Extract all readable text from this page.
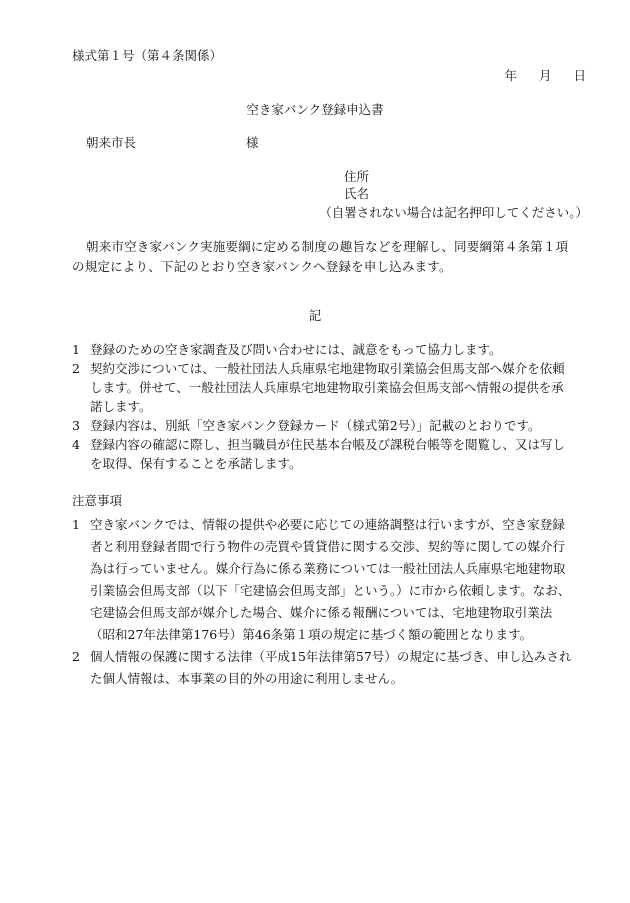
様式第１号（第４条関係）
年 月 日
空き家バンク登録申込書
朝来市長	様
住所
氏名
（自署されない場合は記名押印してください。）
朝来市空き家バンク実施要綱に定める制度の趣旨などを理解し、同要綱第４条第１項の規定により、下記のとおり空き家バンクへ登録を申し込みます。
記
1 登録のための空き家調査及び問い合わせには、誠意をもって協力します。
2 契約交渉については、一般社団法人兵庫県宅地建物取引業協会但馬支部へ媒介を依頼します。併せて、一般社団法人兵庫県宅地建物取引業協会但馬支部へ情報の提供を承諾します。
3 登録内容は、別紙「空き家バンク登録カード（様式第2号）」記載のとおりです。
4 登録内容の確認に際し、担当職員が住民基本台帳及び課税台帳等を閲覧し、又は写しを取得、保有することを承諾します。
注意事項
1 空き家バンクでは、情報の提供や必要に応じての連絡調整は行いますが、空き家登録者と利用登録者間で行う物件の売買や賃貸借に関する交渉、契約等に関しての媒介行為は行っていません。媒介行為に係る業務については一般社団法人兵庫県宅地建物取引業協会但馬支部（以下「宅建協会但馬支部」という。）に市から依頼します。なお、宅建協会但馬支部が媒介した場合、媒介に係る報酬については、宅地建物取引業法（昭和27年法律第176号）第46条第１項の規定に基づく額の範囲となります。
2 個人情報の保護に関する法律（平成15年法律第57号）の規定に基づき、申し込みされた個人情報は、本事業の目的外の用途に利用しません。
